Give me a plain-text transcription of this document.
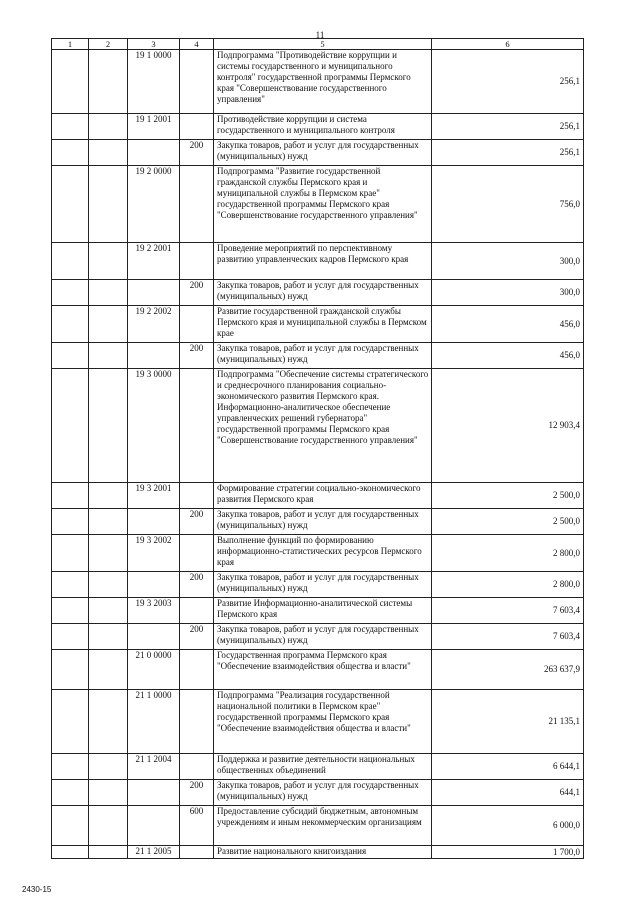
11
1	2	3	4	5	6
		19 1 0000		Подпрограмма "Противодействие коррупции и системы государственного и муниципального контроля" государственной программы Пермского края "Совершенствование государственного управления"	256,1
		19 1 2001		Противодействие коррупции и система государственного и муниципального контроля	256,1
			200	Закупка товаров, работ и услуг для государственных (муниципальных) нужд	256,1
		19 2 0000		Подпрограмма "Развитие государственной гражданской службы Пермского края и муниципальной службы в Пермском крае" государственной программы Пермского края "Совершенствование государственного управления"	756,0
		19 2 2001		Проведение мероприятий по перспективному развитию управленческих кадров Пермского края	300,0
			200	Закупка товаров, работ и услуг для государственных (муниципальных) нужд	300,0
		19 2 2002		Развитие государственной гражданской службы Пермского края и муниципальной службы в Пермском крае	456,0
			200	Закупка товаров, работ и услуг для государственных (муниципальных) нужд	456,0
		19 3 0000		Подпрограмма "Обеспечение системы стратегического и среднесрочного планирования социально-экономического развития Пермского края. Информационно-аналитическое обеспечение управленческих решений губернатора" государственной программы Пермского края "Совершенствование государственного управления"	12 903,4
		19 3 2001		Формирование стратегии социально-экономического развития Пермского края	2 500,0
			200	Закупка товаров, работ и услуг для государственных (муниципальных) нужд	2 500,0
		19 3 2002		Выполнение функций по формированию информационно-статистических ресурсов Пермского края	2 800,0
			200	Закупка товаров, работ и услуг для государственных (муниципальных) нужд	2 800,0
		19 3 2003		Развитие Информационно-аналитической системы Пермского края	7 603,4
			200	Закупка товаров, работ и услуг для государственных (муниципальных) нужд	7 603,4
		21 0 0000		Государственная программа Пермского края "Обеспечение взаимодействия общества и власти"	263 637,9
		21 1 0000		Подпрограмма "Реализация государственной национальной политики в Пермском крае" государственной программы Пермского края "Обеспечение взаимодействия общества и власти"	21 135,1
		21 1 2004		Поддержка и развитие деятельности национальных общественных объединений	6 644,1
			200	Закупка товаров, работ и услуг для государственных (муниципальных) нужд	644,1
			600	Предоставление субсидий бюджетным, автономным учреждениям и иным некоммерческим организациям	6 000,0
		21 1 2005		Развитие национального книгоиздания	1 700,0
2430-15
